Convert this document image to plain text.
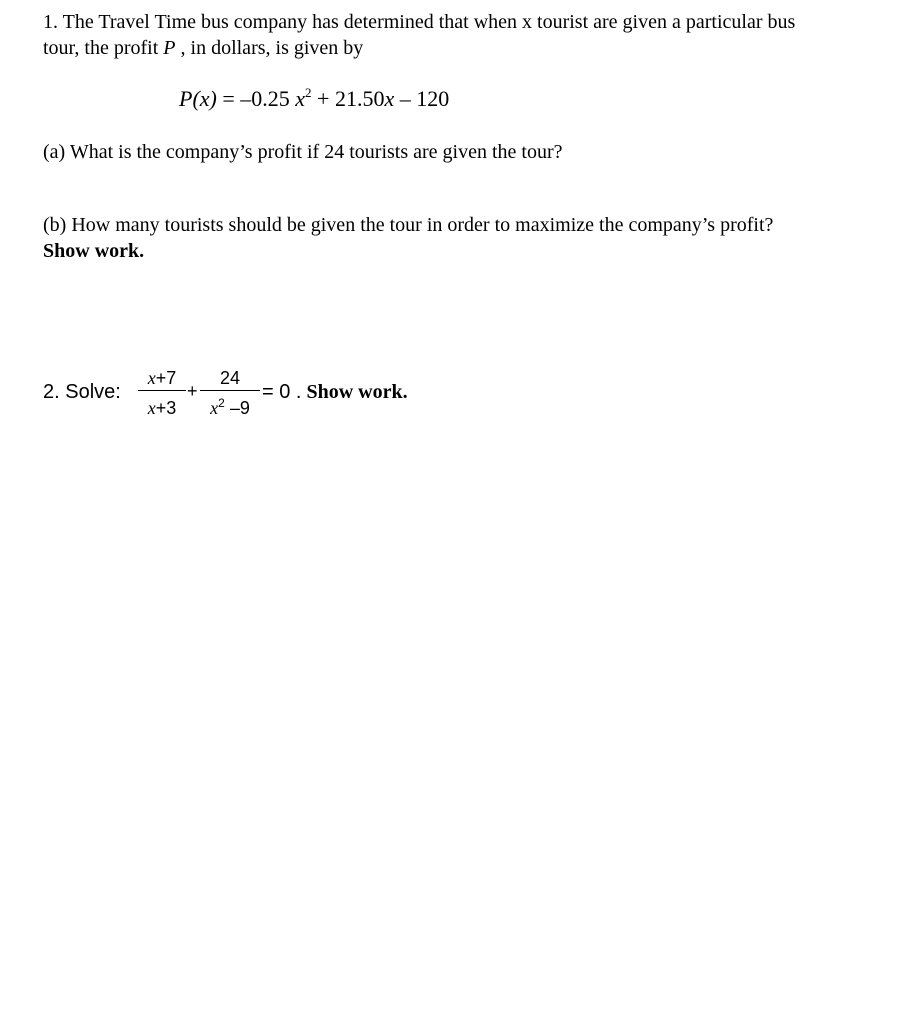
1. The Travel Time bus company has determined that when x tourist are given a particular bus
tour, the profit P , in dollars, is given by
P(x) = –0.25 $x^2 + 21.50x - 120$
(a) What is the company’s profit if 24 tourists are given the tour?
(b) How many tourists should be given the tour in order to maximize the company’s profit?
Show work.
2. Solve:
x+7
x+3
+
24
$x^2$ –9
= 0 . Show work.
